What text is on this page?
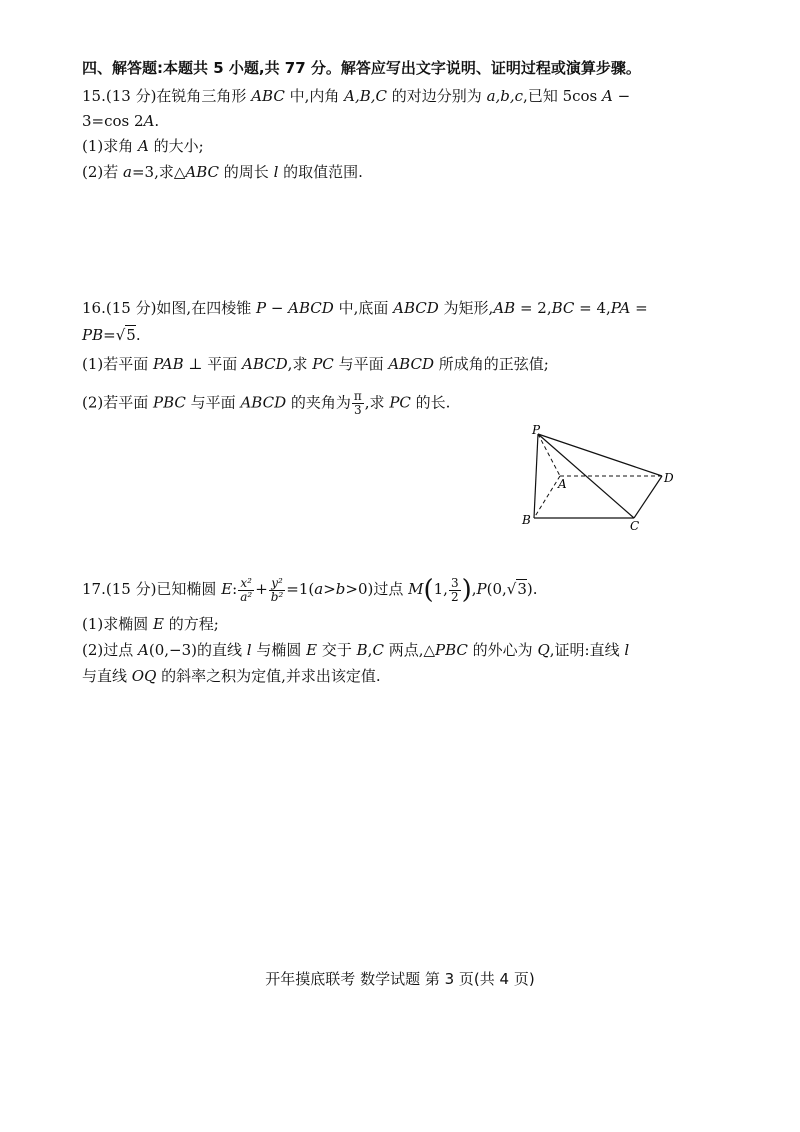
四、解答题:本题共 5 小题,共 77 分。解答应写出文字说明、证明过程或演算步骤。
15.(13 分)在锐角三角形 ABC 中,内角 A,B,C 的对边分别为 a,b,c,已知 5cos A −
3=cos 2A.
(1)求角 A 的大小;
(2)若 a=3,求△ABC 的周长 l 的取值范围.
16.(15 分)如图,在四棱锥 P − ABCD 中,底面 ABCD 为矩形,AB = 2,BC = 4,PA =
PB=√5.
(1)若平面 PAB ⊥ 平面 ABCD,求 PC 与平面 ABCD 所成角的正弦值;
(2)若平面 PBC 与平面 ABCD 的夹角为 $\frac{\pi}{3}$ ,求 PC 的长.
P
A
B	C
D
17.(15 分)已知椭圆 E: $\frac{\text{x²}}{\text{a²}} + \frac{\text{y²}}{\text{b²}} =1(a>b>0)$过点 M(1, $\frac{3}{2} ),P(0,√3)$.
(1)求椭圆 E 的方程;
(2)过点 A(0,−3)的直线 l 与椭圆 E 交于 B,C 两点,△PBC 的外心为 Q,证明:直线 l
与直线 OQ 的斜率之积为定值,并求出该定值.
开年摸底联考 数学试题 第 3 页(共 4 页)
